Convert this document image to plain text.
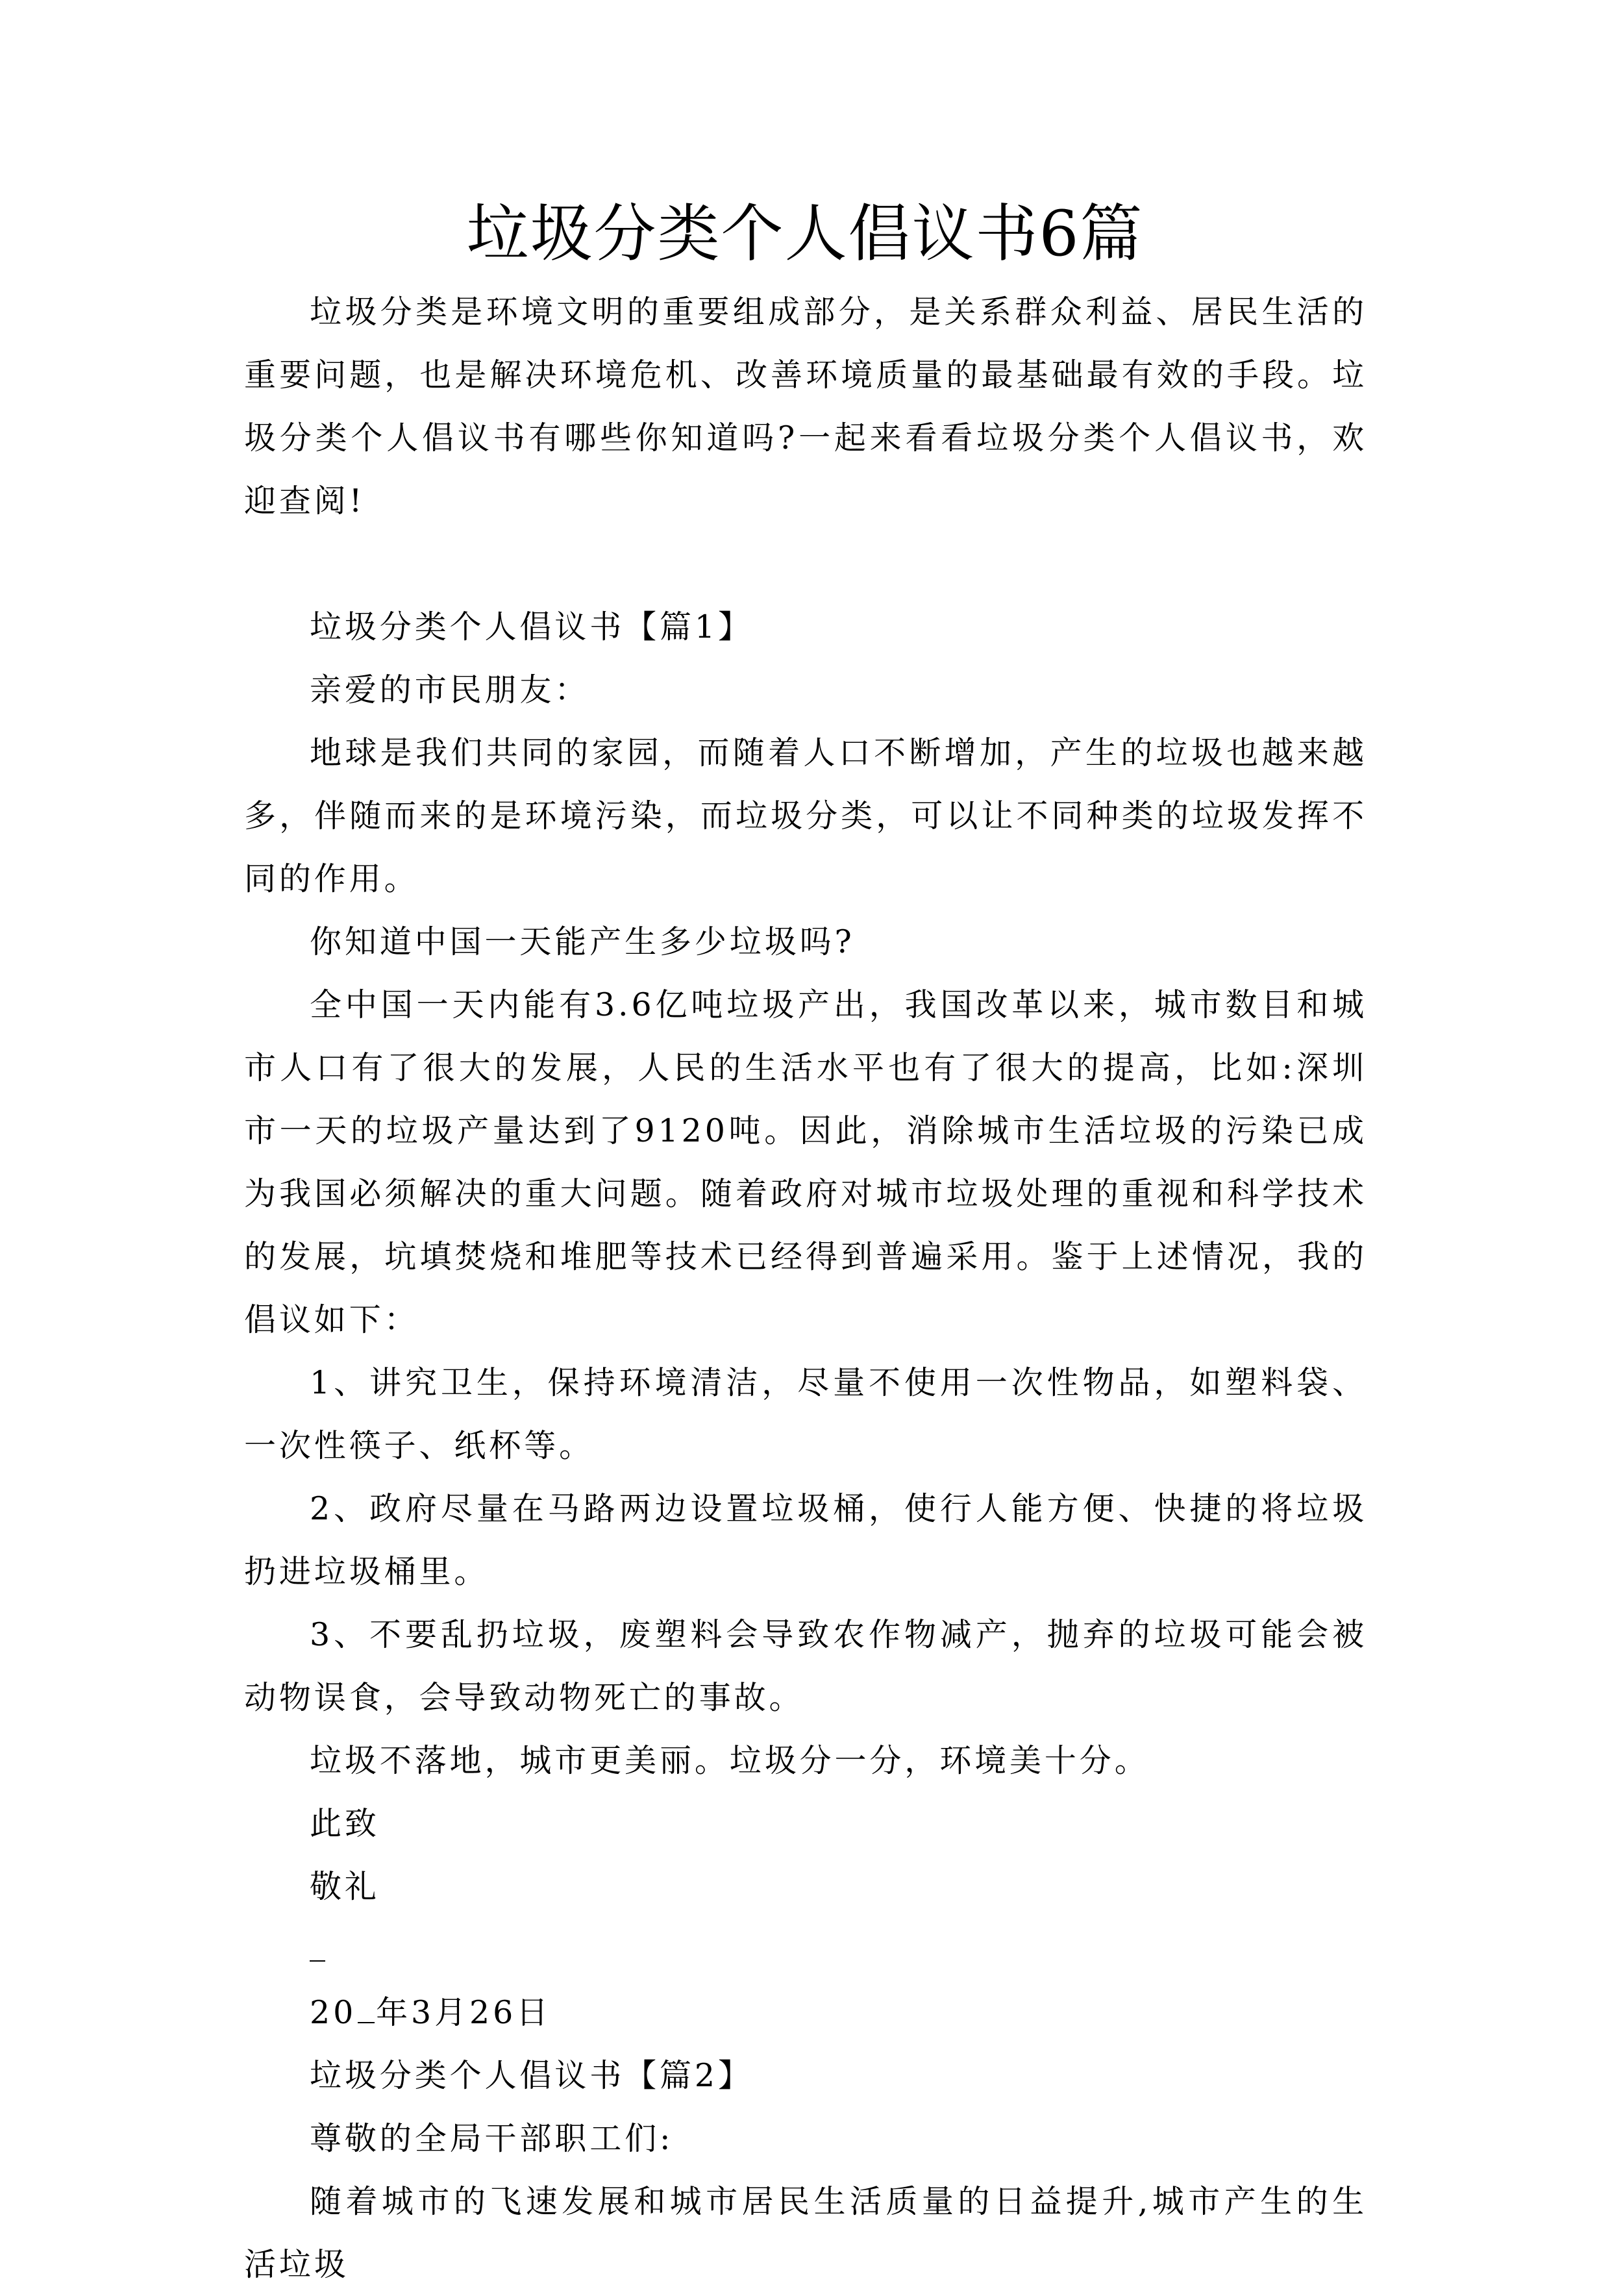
垃圾分类个人倡议书6篇

垃圾分类是环境文明的重要组成部分，是关系群众利益、居民生活的重要问题，也是解决环境危机、改善环境质量的最基础最有效的手段。垃圾分类个人倡议书有哪些你知道吗?一起来看看垃圾分类个人倡议书，欢迎查阅!

垃圾分类个人倡议书【篇1】

亲爱的市民朋友：

地球是我们共同的家园，而随着人口不断增加，产生的垃圾也越来越多，伴随而来的是环境污染，而垃圾分类，可以让不同种类的垃圾发挥不同的作用。

你知道中国一天能产生多少垃圾吗?

全中国一天内能有3.6亿吨垃圾产出，我国改革以来，城市数目和城市人口有了很大的发展，人民的生活水平也有了很大的提高，比如:深圳市一天的垃圾产量达到了9120吨。因此，消除城市生活垃圾的污染已成为我国必须解决的重大问题。随着政府对城市垃圾处理的重视和科学技术的发展，坑填焚烧和堆肥等技术已经得到普遍采用。鉴于上述情况，我的倡议如下：

1、讲究卫生，保持环境清洁，尽量不使用一次性物品，如塑料袋、一次性筷子、纸杯等。

2、政府尽量在马路两边设置垃圾桶，使行人能方便、快捷的将垃圾扔进垃圾桶里。

3、不要乱扔垃圾，废塑料会导致农作物减产，抛弃的垃圾可能会被动物误食，会导致动物死亡的事故。

垃圾不落地，城市更美丽。垃圾分一分，环境美十分。

此致

敬礼

20 年3月26日

垃圾分类个人倡议书【篇2】

尊敬的全局干部职工们:

随着城市的飞速发展和城市居民生活质量的日益提升,城市产生的生活垃圾
